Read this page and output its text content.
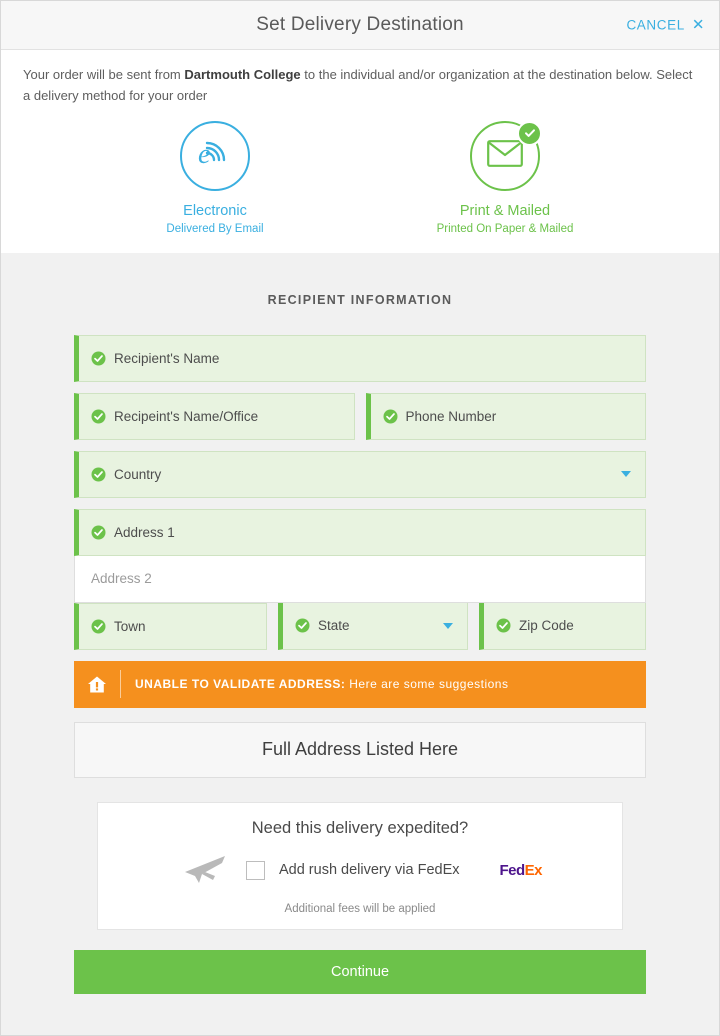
Set Delivery Destination	CANCEL ✕
Your order will be sent from Dartmouth College to the individual and/or organization at the destination below. Select a delivery method for your order
e
Electronic
Delivered By Email
Print & Mailed
Printed On Paper & Mailed
RECIPIENT INFORMATION
Recipient's Name
Recipeint's Name/Office	Phone Number
Country
Address 1
Address 2
Town	State	Zip Code
UNABLE TO VALIDATE ADDRESS: Here are some suggestions
Full Address Listed Here
Need this delivery expedited?
Add rush delivery via FedEx	FedEx
Additional fees will be applied
Continue
